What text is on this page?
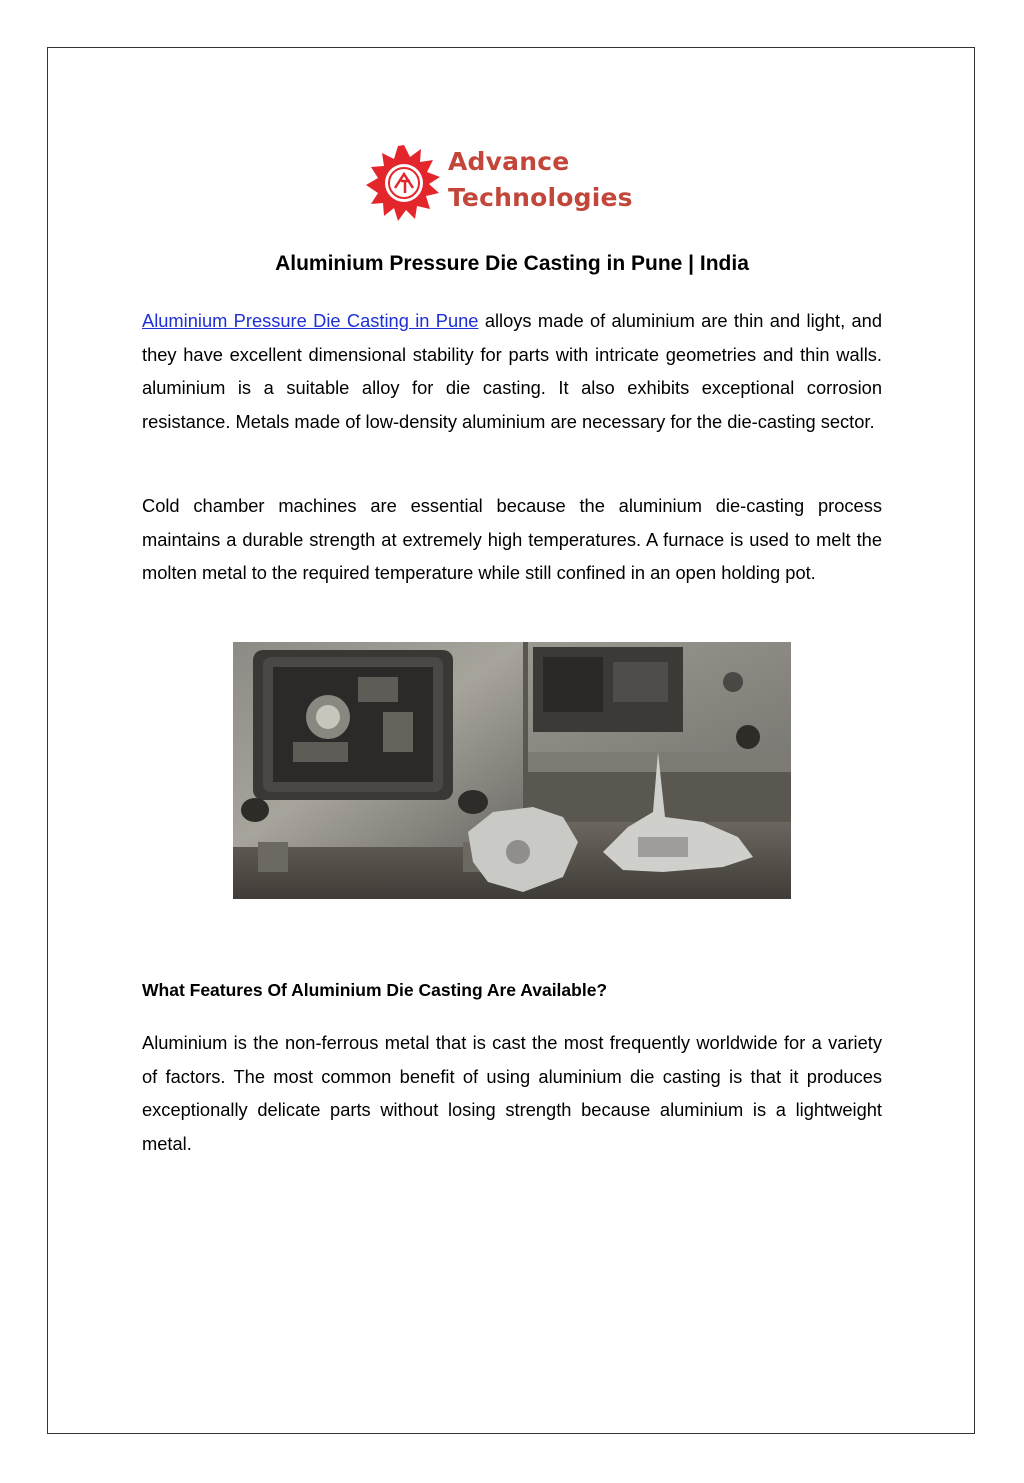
Advance
Technologies
Aluminium Pressure Die Casting in Pune | India
Aluminium Pressure Die Casting in Pune alloys made of aluminium are thin and light, and they have excellent dimensional stability for parts with intricate geometries and thin walls. aluminium is a suitable alloy for die casting. It also exhibits exceptional corrosion resistance. Metals made of low-density aluminium are necessary for the die-casting sector.
Cold chamber machines are essential because the aluminium die-casting process maintains a durable strength at extremely high temperatures. A furnace is used to melt the molten metal to the required temperature while still confined in an open holding pot.
What Features Of Aluminium Die Casting Are Available?
Aluminium is the non-ferrous metal that is cast the most frequently worldwide for a variety of factors. The most common benefit of using aluminium die casting is that it produces exceptionally delicate parts without losing strength because aluminium is a lightweight metal.
